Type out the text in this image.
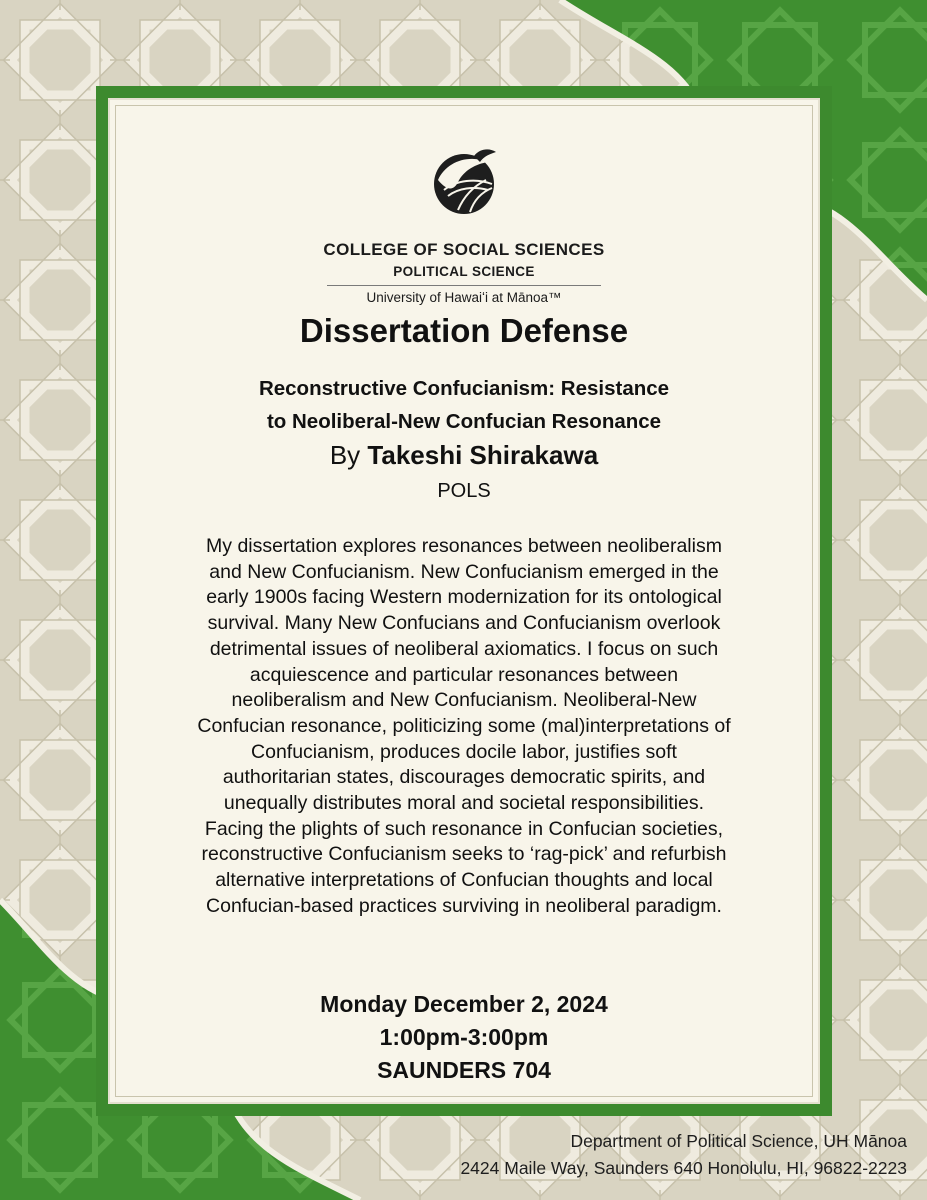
COLLEGE OF SOCIAL SCIENCES
POLITICAL SCIENCE
University of Hawaiʻi at Mānoa™
Dissertation Defense
Reconstructive Confucianism: Resistance
to Neoliberal-New Confucian Resonance
By Takeshi Shirakawa
POLS
My dissertation explores resonances between neoliberalism
and New Confucianism. New Confucianism emerged in the
early 1900s facing Western modernization for its ontological
survival. Many New Confucians and Confucianism overlook
detrimental issues of neoliberal axiomatics. I focus on such
acquiescence and particular resonances between
neoliberalism and New Confucianism. Neoliberal-New
Confucian resonance, politicizing some (mal)interpretations of
Confucianism, produces docile labor, justifies soft
authoritarian states, discourages democratic spirits, and
unequally distributes moral and societal responsibilities.
Facing the plights of such resonance in Confucian societies,
reconstructive Confucianism seeks to ‘rag-pick’ and refurbish
alternative interpretations of Confucian thoughts and local
Confucian-based practices surviving in neoliberal paradigm.
Monday December 2, 2024
1:00pm-3:00pm
SAUNDERS 704
Department of Political Science, UH Mānoa
2424 Maile Way, Saunders 640 Honolulu, HI, 96822-2223
